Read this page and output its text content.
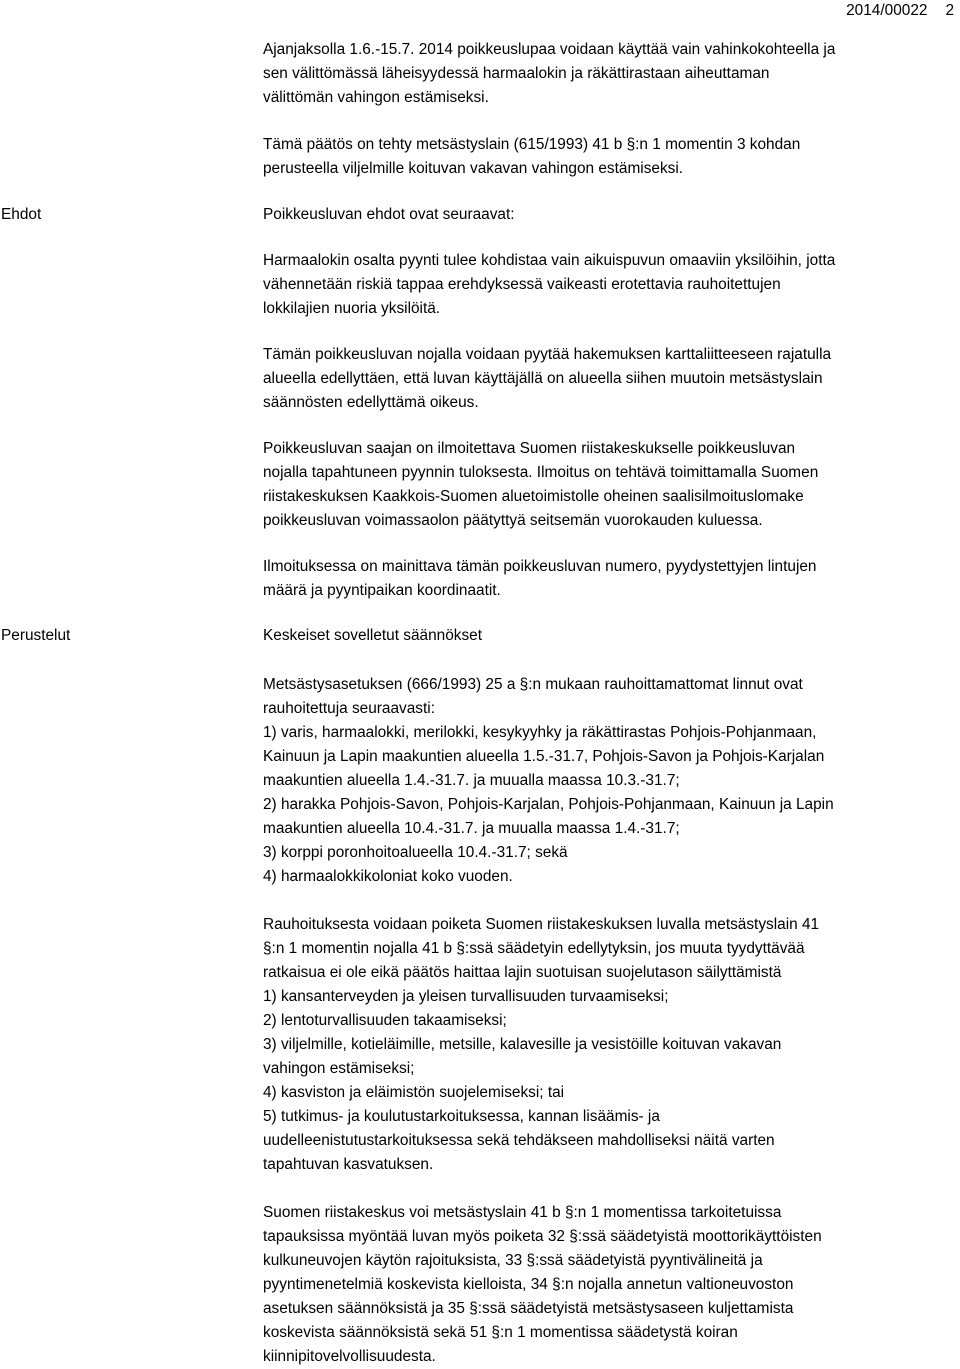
2014/00022 2

Ajanjaksolla 1.6.-15.7. 2014 poikkeuslupaa voidaan käyttää vain vahinkokohteella ja
sen välittömässä läheisyydessä harmaalokin ja räkättirastaan aiheuttaman
välittömän vahingon estämiseksi.

Tämä päätös on tehty metsästyslain (615/1993) 41 b §:n 1 momentin 3 kohdan
perusteella viljelmille koituvan vakavan vahingon estämiseksi.

Ehdot	Poikkeusluvan ehdot ovat seuraavat:

Harmaalokin osalta pyynti tulee kohdistaa vain aikuispuvun omaaviin yksilöihin, jotta
vähennetään riskiä tappaa erehdyksessä vaikeasti erotettavia rauhoitettujen
lokkilajien nuoria yksilöitä.

Tämän poikkeusluvan nojalla voidaan pyytää hakemuksen karttaliitteeseen rajatulla
alueella edellyttäen, että luvan käyttäjällä on alueella siihen muutoin metsästyslain
säännösten edellyttämä oikeus.

Poikkeusluvan saajan on ilmoitettava Suomen riistakeskukselle poikkeusluvan
nojalla tapahtuneen pyynnin tuloksesta. Ilmoitus on tehtävä toimittamalla Suomen
riistakeskuksen Kaakkois-Suomen aluetoimistolle oheinen saalisilmoituslomake
poikkeusluvan voimassaolon päätyttyä seitsemän vuorokauden kuluessa.

Ilmoituksessa on mainittava tämän poikkeusluvan numero, pyydystettyjen lintujen
määrä ja pyyntipaikan koordinaatit.

Perustelut	Keskeiset sovelletut säännökset

Metsästysasetuksen (666/1993) 25 a §:n mukaan rauhoittamattomat linnut ovat
rauhoitettuja seuraavasti:
1) varis, harmaalokki, merilokki, kesykyyhky ja räkättirastas Pohjois-Pohjanmaan,
Kainuun ja Lapin maakuntien alueella 1.5.-31.7, Pohjois-Savon ja Pohjois-Karjalan
maakuntien alueella 1.4.-31.7. ja muualla maassa 10.3.-31.7;
2) harakka Pohjois-Savon, Pohjois-Karjalan, Pohjois-Pohjanmaan, Kainuun ja Lapin
maakuntien alueella 10.4.-31.7. ja muualla maassa 1.4.-31.7;
3) korppi poronhoitoalueella 10.4.-31.7; sekä
4) harmaalokkikoloniat koko vuoden.

Rauhoituksesta voidaan poiketa Suomen riistakeskuksen luvalla metsästyslain 41
§:n 1 momentin nojalla 41 b §:ssä säädetyin edellytyksin, jos muuta tyydyttävää
ratkaisua ei ole eikä päätös haittaa lajin suotuisan suojelutason säilyttämistä
1) kansanterveyden ja yleisen turvallisuuden turvaamiseksi;
2) lentoturvallisuuden takaamiseksi;
3) viljelmille, kotieläimille, metsille, kalavesille ja vesistöille koituvan vakavan
vahingon estämiseksi;
4) kasviston ja eläimistön suojelemiseksi; tai
5) tutkimus- ja koulutustarkoituksessa, kannan lisäämis- ja
uudelleenistutustarkoituksessa sekä tehdäkseen mahdolliseksi näitä varten
tapahtuvan kasvatuksen.

Suomen riistakeskus voi metsästyslain 41 b §:n 1 momentissa tarkoitetuissa
tapauksissa myöntää luvan myös poiketa 32 §:ssä säädetyistä moottorikäyttöisten
kulkuneuvojen käytön rajoituksista, 33 §:ssä säädetyistä pyyntivälineitä ja
pyyntimenetelmiä koskevista kielloista, 34 §:n nojalla annetun valtioneuvoston
asetuksen säännöksistä ja 35 §:ssä säädetyistä metsästysaseen kuljettamista
koskevista säännöksistä sekä 51 §:n 1 momentissa säädetystä koiran
kiinnipitovelvollisuudesta.
